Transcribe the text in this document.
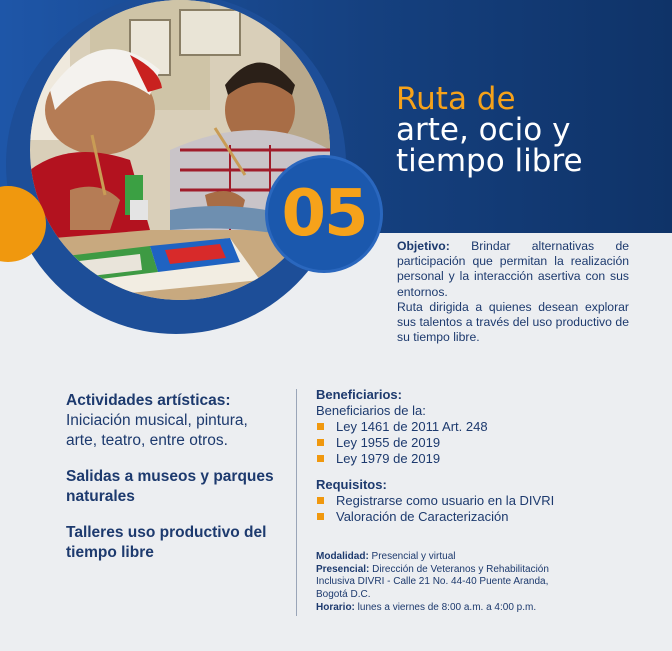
05
Ruta de
arte, ocio y
tiempo libre

Objetivo: Brindar alternativas de participación que permitan la realización personal y la interacción asertiva con sus entornos.

Ruta dirigida a quienes desean explorar sus talentos a través del uso productivo de su tiempo libre.

Actividades artísticas:
Iniciación musical, pintura, arte, teatro, entre otros.
Salidas a museos y parques naturales
Talleres uso productivo del tiempo libre
Beneficiarios:
Beneficiarios de la:
Ley 1461 de 2011 Art. 248
Ley 1955 de 2019
Ley 1979 de 2019
Requisitos:
Registrarse como usuario en la DIVRI
Valoración de Caracterización

Modalidad: Presencial y virtual

Presencial: Dirección de Veteranos y Rehabilitación Inclusiva DIVRI - Calle 21 No. 44-40 Puente Aranda, Bogotá D.C.

Horario: lunes a viernes de 8:00 a.m. a 4:00 p.m.
